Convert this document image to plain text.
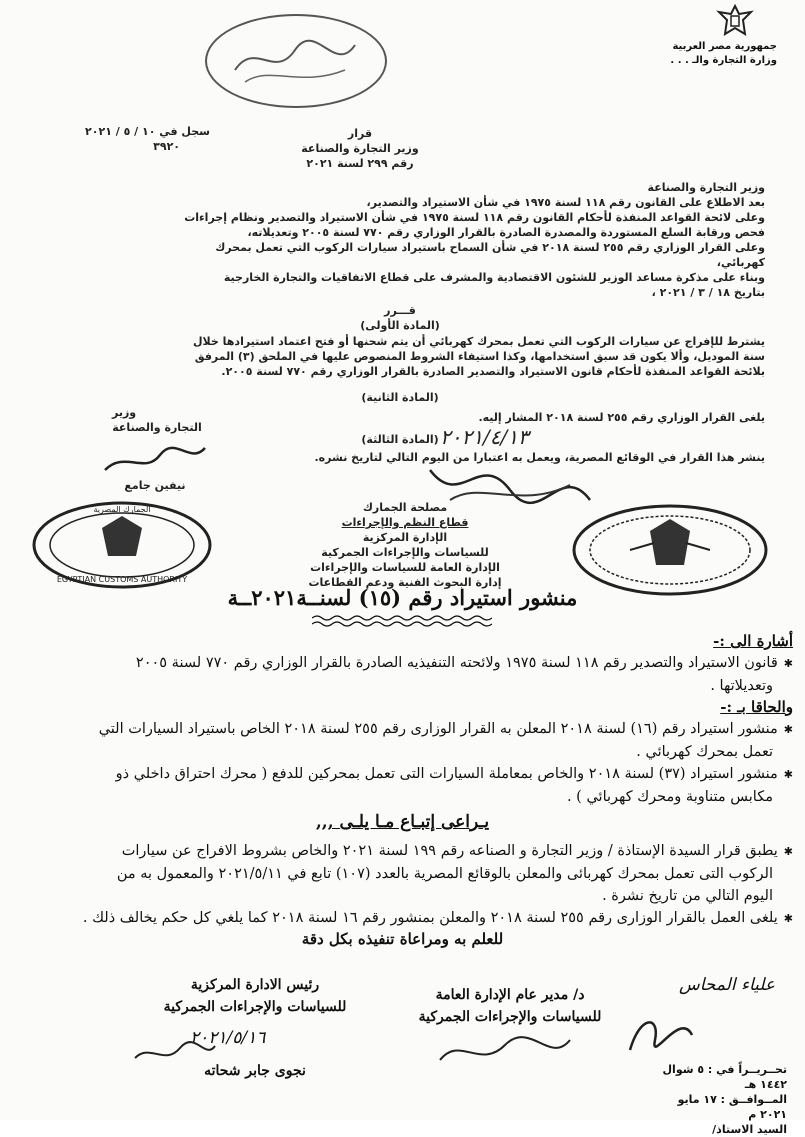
جمهورية مصر العربية
وزارة التجارة والـ . . .
سجل في ١٠ / ٥ / ٢٠٢١
٣٩٢٠
قرار
وزير التجارة والصناعة
رقم ٢٩٩ لسنة ٢٠٢١
وزير التجارة والصناعة
بعد الاطلاع على القانون رقم ١١٨ لسنة ١٩٧٥ في شأن الاستيراد والتصدير،
وعلى لائحة القواعد المنفذة لأحكام القانون رقم ١١٨ لسنة ١٩٧٥ في شأن الاستيراد والتصدير ونظام إجراءات
فحص ورقابة السلع المستوردة والمصدرة الصادرة بالقرار الوزاري رقم ٧٧٠ لسنة ٢٠٠٥ وتعديلاته،
وعلى القرار الوزاري رقم ٢٥٥ لسنة ٢٠١٨ في شأن السماح باستيراد سيارات الركوب التي تعمل بمحرك
كهربائي،
وبناء على مذكرة مساعد الوزير للشئون الاقتصادية والمشرف على قطاع الاتفاقيات والتجارة الخارجية
بتاريخ ١٨ / ٣ / ٢٠٢١ ،
قـــرر
(المادة الأولى)
يشترط للإفراج عن سيارات الركوب التي تعمل بمحرك كهربائي أن يتم شحنها أو فتح اعتماد استيرادها خلال
سنة الموديل، وألا يكون قد سبق استخدامها، وكذا استيفاء الشروط المنصوص عليها في الملحق (٣) المرفق
بلائحة القواعد المنفذة لأحكام قانون الاستيراد والتصدير الصادرة بالقرار الوزاري رقم ٧٧٠ لسنة ٢٠٠٥.
(المادة الثانية)
يلغى القرار الوزاري رقم ٢٥٥ لسنة ٢٠١٨ المشار إليه.
(المادة الثالثة)
ينشر هذا القرار في الوقائع المصرية، ويعمل به اعتبارا من اليوم التالي لتاريخ نشره.
وزير
التجارة والصناعة
نيفين جامع
٢٠٢١/٤/١٣
مصلحة الجمارك
قطاع النظم والإجراءات
الإدارة المركزية
للسياسات والإجراءات الجمركية
الإدارة العامة للسياسات والإجراءات
إدارة البحوث الفنية ودعم القطاعات
EGYPTIAN CUSTOMS AUTHORITY
الجمارك المصرية
منشور استيراد رقم (١٥) لسنــة٢٠٢١ــة
أشارة الى :-
✱ قانون الاستيراد والتصدير رقم ١١٨ لسنة ١٩٧٥ ولائحته التنفيذيه الصادرة بالقرار الوزاري رقم ٧٧٠ لسنة ٢٠٠٥
وتعديلاتها .
والحاقا بـ :-
✱ منشور استيراد رقم (١٦) لسنة ٢٠١٨ المعلن به القرار الوزارى رقم ٢٥٥ لسنة ٢٠١٨ الخاص باستيراد السيارات التي
تعمل بمحرك كهربائي .
✱ منشور استيراد (٣٧) لسنة ٢٠١٨ والخاص بمعاملة السيارات التى تعمل بمحركين للدفع ( محرك احتراق داخلي ذو
مكابس متناوبة ومحرك كهربائي ) .
يـراعى إتبـاع مـا يلـى ,,,
✱ يطبق قرار السيدة الإستاذة / وزير التجارة و الصناعه رقم ١٩٩ لسنة ٢٠٢١ والخاص بشروط الافراج عن سيارات
الركوب التى تعمل بمحرك كهربائى والمعلن بالوقائع المصرية بالعدد (١٠٧) تابع في ٢٠٢١/٥/١١ والمعمول به من
اليوم التالي من تاريخ نشرة .
✱ يلغى العمل بالقرار الوزارى رقم ٢٥٥ لسنة ٢٠١٨ والمعلن بمنشور رقم ١٦ لسنة ٢٠١٨ كما يلغي كل حكم يخالف ذلك .
للعلم به ومراعاة تنفيذه بكل دقة
علياء المحاس
د/ مدير عام الإدارة العامة
للسياسات والإجراءات الجمركية
رئيس الادارة المركزية
للسياسات والإجراءات الجمركية
٢٠٢١/٥/١٦
نجوى جابر شحاته	تحــريــراً في : ٥ شوال ١٤٤٢ هـ
المــوافــق : ١٧ مايو ٢٠٢١ م
السيد الاستاذ/
